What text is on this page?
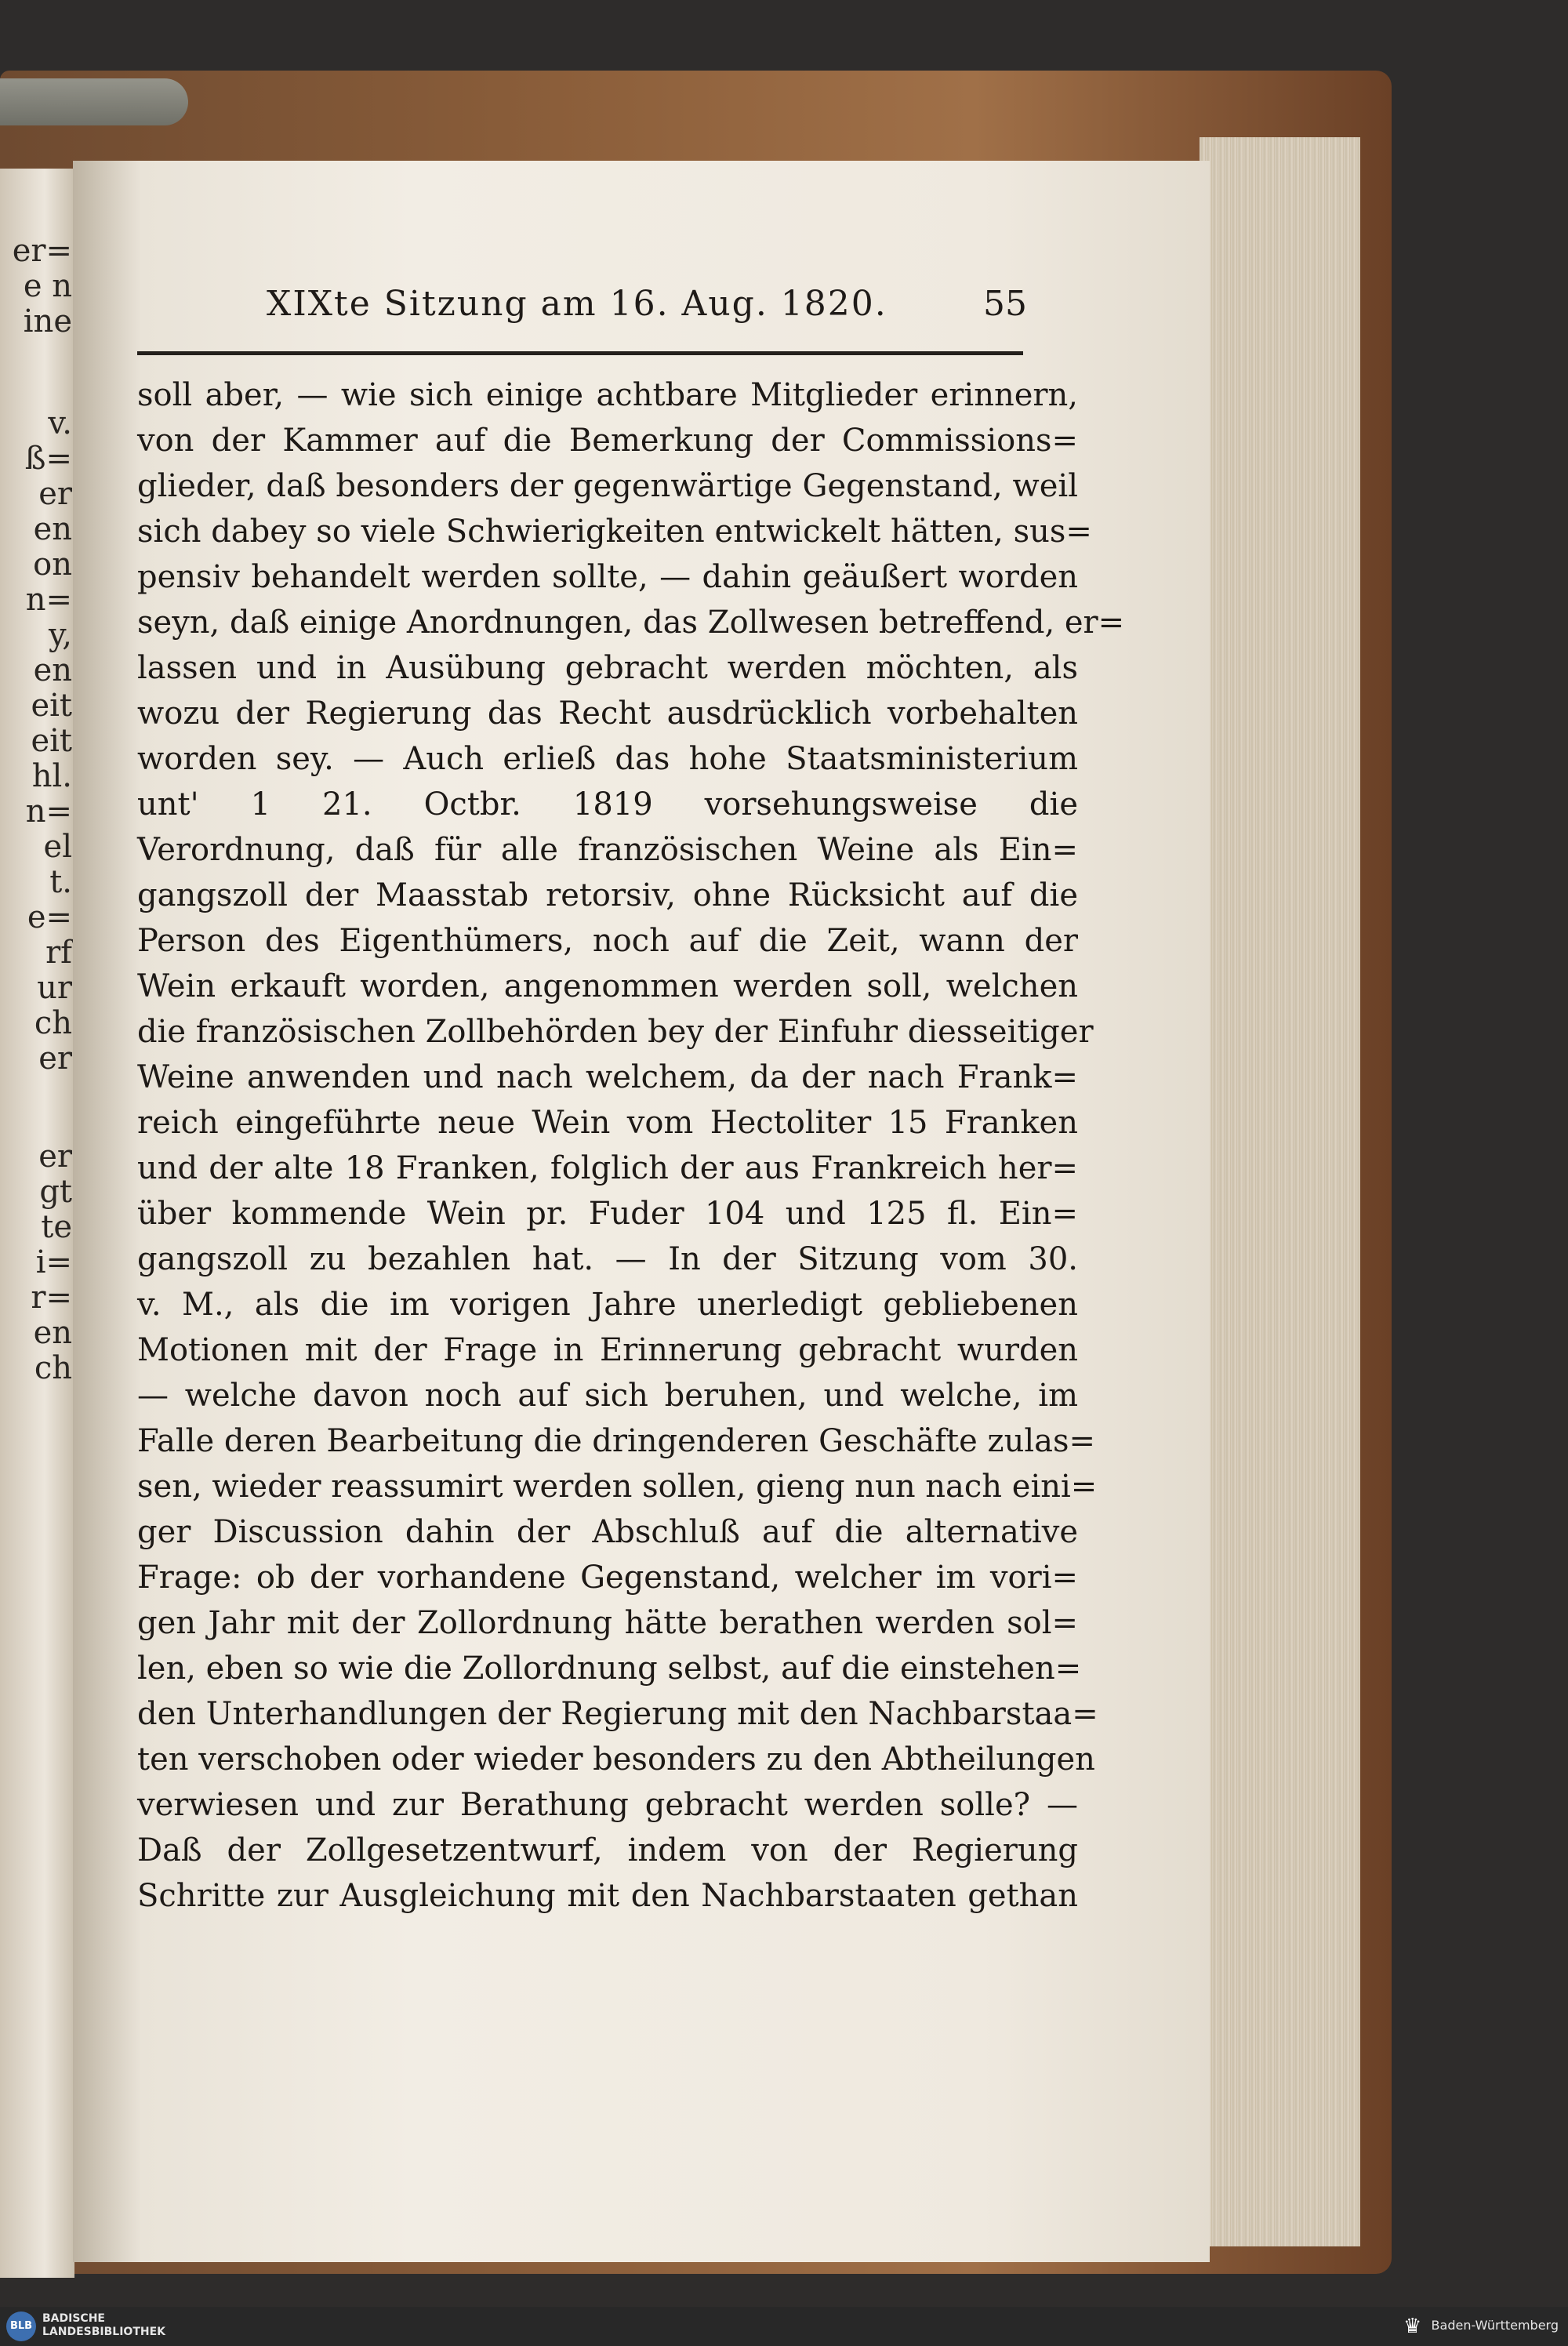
er=
e n
ine
v.
ß=
er
en
on
n=
y,
en
eit
eit
hl.
n=
el
t.
e=
rf
ur
ch
er
er
gt
te
i=
r=
en
ch
XIXte Sitzung am 16. Aug. 1820.	55
soll aber, — wie sich einige achtbare Mitglieder erinnern,
von der Kammer auf die Bemerkung der Commissions=
glieder, daß besonders der gegenwärtige Gegenstand, weil
sich dabey so viele Schwierigkeiten entwickelt hätten, sus=
pensiv behandelt werden sollte, — dahin geäußert worden
seyn, daß einige Anordnungen, das Zollwesen betreffend, er=
lassen und in Ausübung gebracht werden möchten, als
wozu der Regierung das Recht ausdrücklich vorbehalten
worden sey. — Auch erließ das hohe Staatsministerium
unt' 1 21. Octbr. 1819 vorsehungsweise die
Verordnung, daß für alle französischen Weine als Ein=
gangszoll der Maasstab retorsiv, ohne Rücksicht auf die
Person des Eigenthümers, noch auf die Zeit, wann der
Wein erkauft worden, angenommen werden soll, welchen
die französischen Zollbehörden bey der Einfuhr diesseitiger
Weine anwenden und nach welchem, da der nach Frank=
reich eingeführte neue Wein vom Hectoliter 15 Franken
und der alte 18 Franken, folglich der aus Frankreich her=
über kommende Wein pr. Fuder 104 und 125 fl. Ein=
gangszoll zu bezahlen hat. — In der Sitzung vom 30.
v. M., als die im vorigen Jahre unerledigt gebliebenen
Motionen mit der Frage in Erinnerung gebracht wurden
— welche davon noch auf sich beruhen, und welche, im
Falle deren Bearbeitung die dringenderen Geschäfte zulas=
sen, wieder reassumirt werden sollen, gieng nun nach eini=
ger Discussion dahin der Abschluß auf die alternative
Frage: ob der vorhandene Gegenstand, welcher im vori=
gen Jahr mit der Zollordnung hätte berathen werden sol=
len, eben so wie die Zollordnung selbst, auf die einstehen=
den Unterhandlungen der Regierung mit den Nachbarstaa=
ten verschoben oder wieder besonders zu den Abtheilungen
verwiesen und zur Berathung gebracht werden solle? —
Daß der Zollgesetzentwurf, indem von der Regierung
Schritte zur Ausgleichung mit den Nachbarstaaten gethan
BLB
BADISCHE
LANDESBIBLIOTHEK	♛ Baden-Württemberg
